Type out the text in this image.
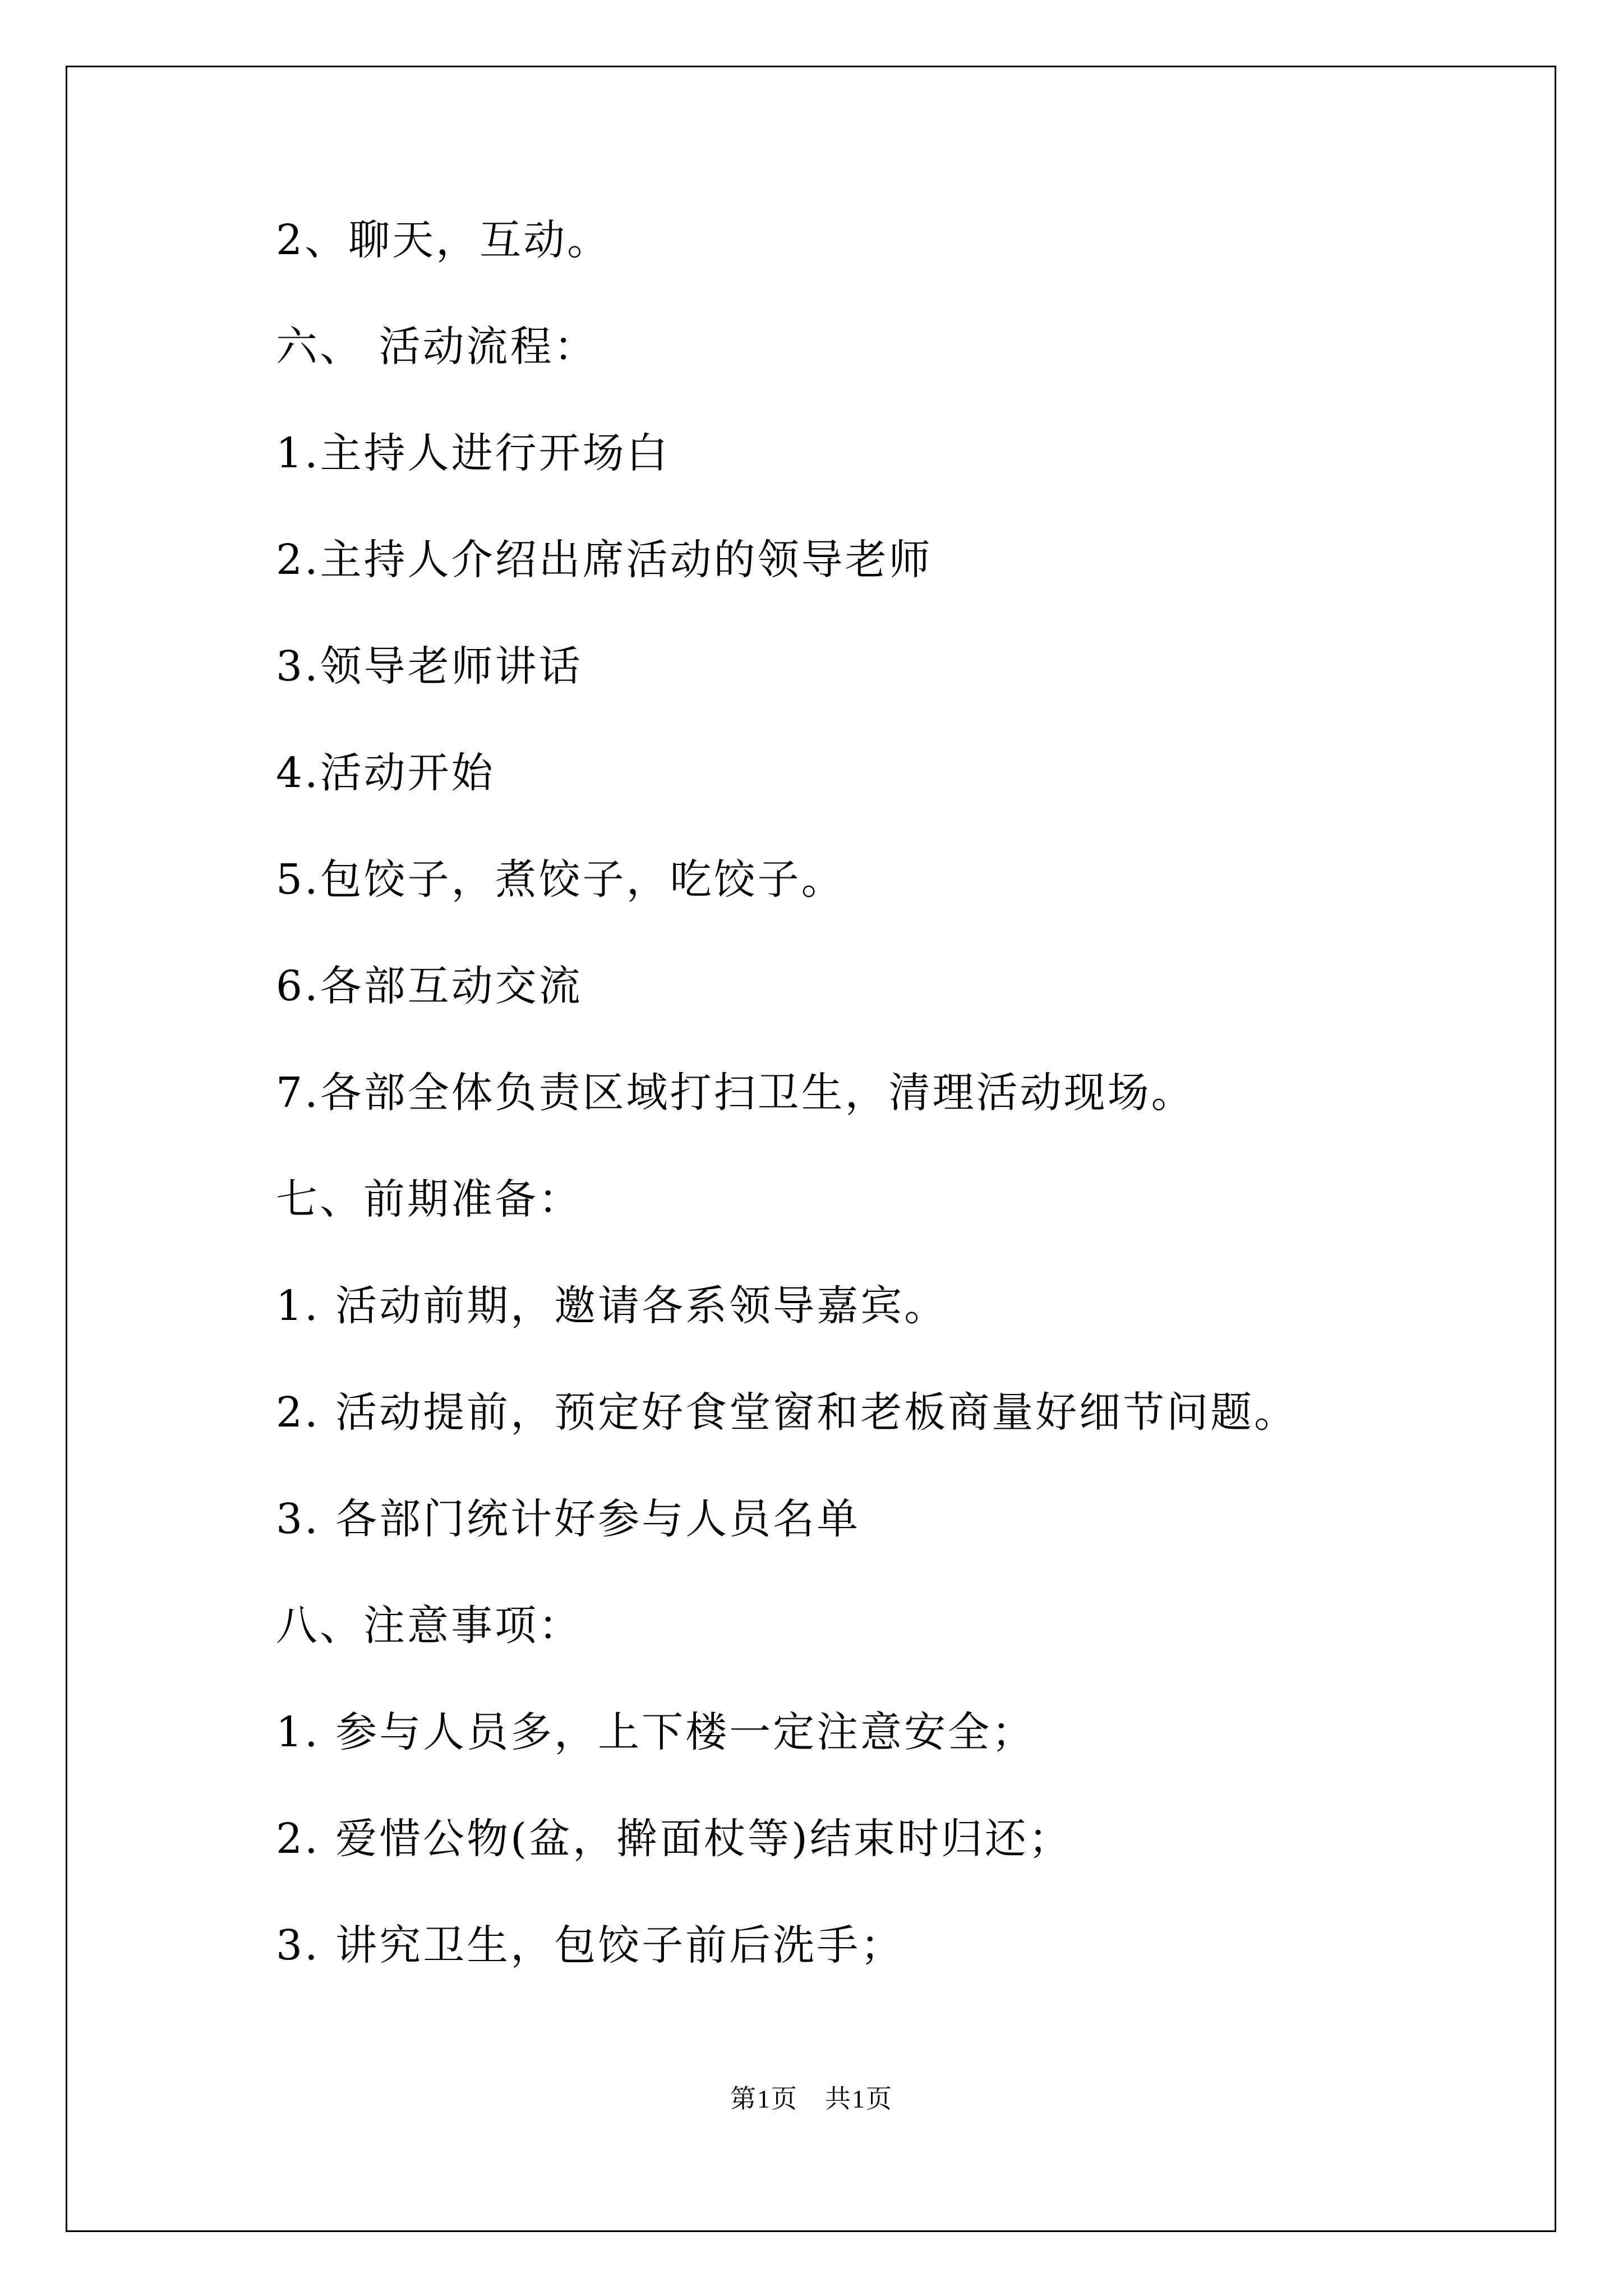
2、聊天，互动。
六、 活动流程：
1.主持人进行开场白
2.主持人介绍出席活动的领导老师
3.领导老师讲话
4.活动开始
5.包饺子，煮饺子，吃饺子。
6.各部互动交流
7.各部全体负责区域打扫卫生，清理活动现场。
七、前期准备：
1. 活动前期，邀请各系领导嘉宾。
2. 活动提前，预定好食堂窗和老板商量好细节问题。
3. 各部门统计好参与人员名单
八、注意事项：
1. 参与人员多，上下楼一定注意安全；
2. 爱惜公物(盆，擀面杖等)结束时归还；
3. 讲究卫生，包饺子前后洗手；
第1页　共1页
